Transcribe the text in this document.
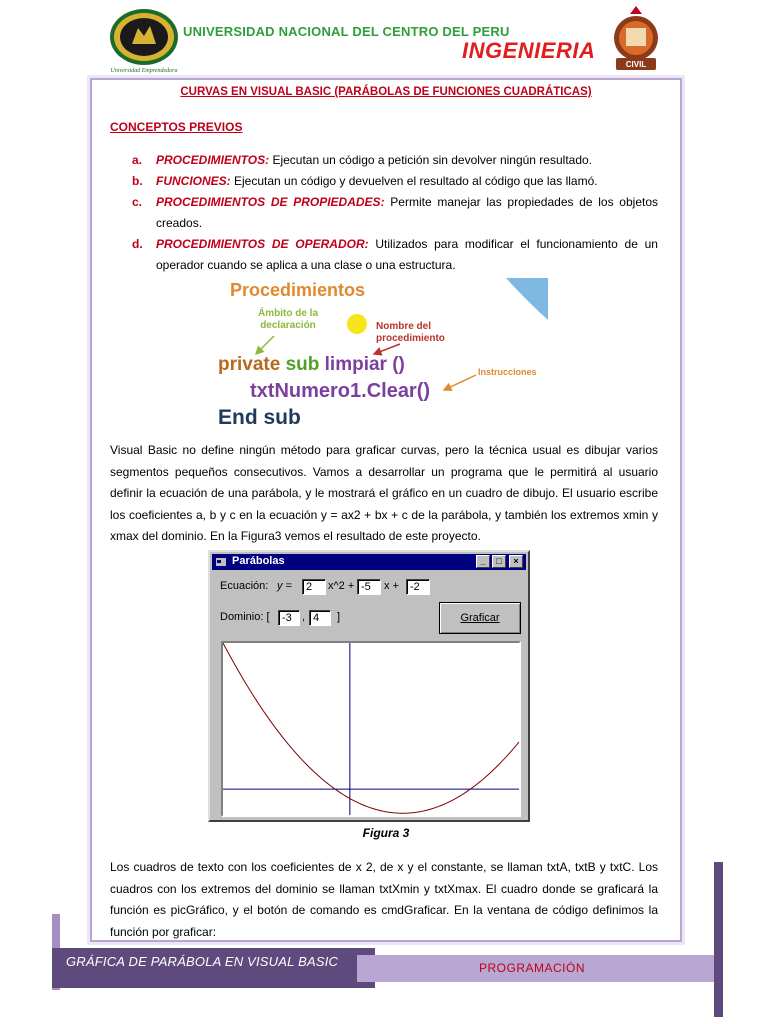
Universidad Emprendedora
UNIVERSIDAD NACIONAL DEL CENTRO DEL PERU
INGENIERIA
CIVIL
CURVAS EN VISUAL BASIC (PARÁBOLAS DE FUNCIONES CUADRÁTICAS)
CONCEPTOS PREVIOS
a.	PROCEDIMIENTOS: Ejecutan un código a petición sin devolver ningún resultado.
b.	FUNCIONES: Ejecutan un código y devuelven el resultado al código que las llamó.
c.	PROCEDIMIENTOS DE PROPIEDADES: Permite manejar las propiedades de los objetos creados.
d.	PROCEDIMIENTOS DE OPERADOR: Utilizados para modificar el funcionamiento de un operador cuando se aplica a una clase o una estructura.
Procedimientos
Ámbito de la
declaración	Nombre del
procedimiento
Instrucciones
private sub limpiar ()
txtNumero1.Clear()
End sub
Visual Basic no define ningún método para graficar curvas, pero la técnica usual es dibujar varios segmentos pequeños consecutivos. Vamos a desarrollar un programa que le permitirá al usuario definir la ecuación de una parábola, y le mostrará el gráfico en un cuadro de dibujo. El usuario escribe los coeficientes a, b y c en la ecuación y = ax2 + bx + c de la parábola, y también los extremos xmin y xmax del dominio. En la Figura3 vemos el resultado de este proyecto.
Parábolas	_	□	×
Ecuación: y =
2	x^2 +
-5	x +
-2
Dominio: [
-3	,
4	]	Graficar
Figura 3
Los cuadros de texto con los coeficientes de x 2, de x y el constante, se llaman txtA, txtB y txtC. Los cuadros con los extremos del dominio se llaman txtXmin y txtXmax. El cuadro donde se graficará la función es picGráfico, y el botón de comando es cmdGraficar. En la ventana de código definimos la función por graficar:
GRÁFICA DE PARÁBOLA EN VISUAL BASIC	PROGRAMACIÓN
